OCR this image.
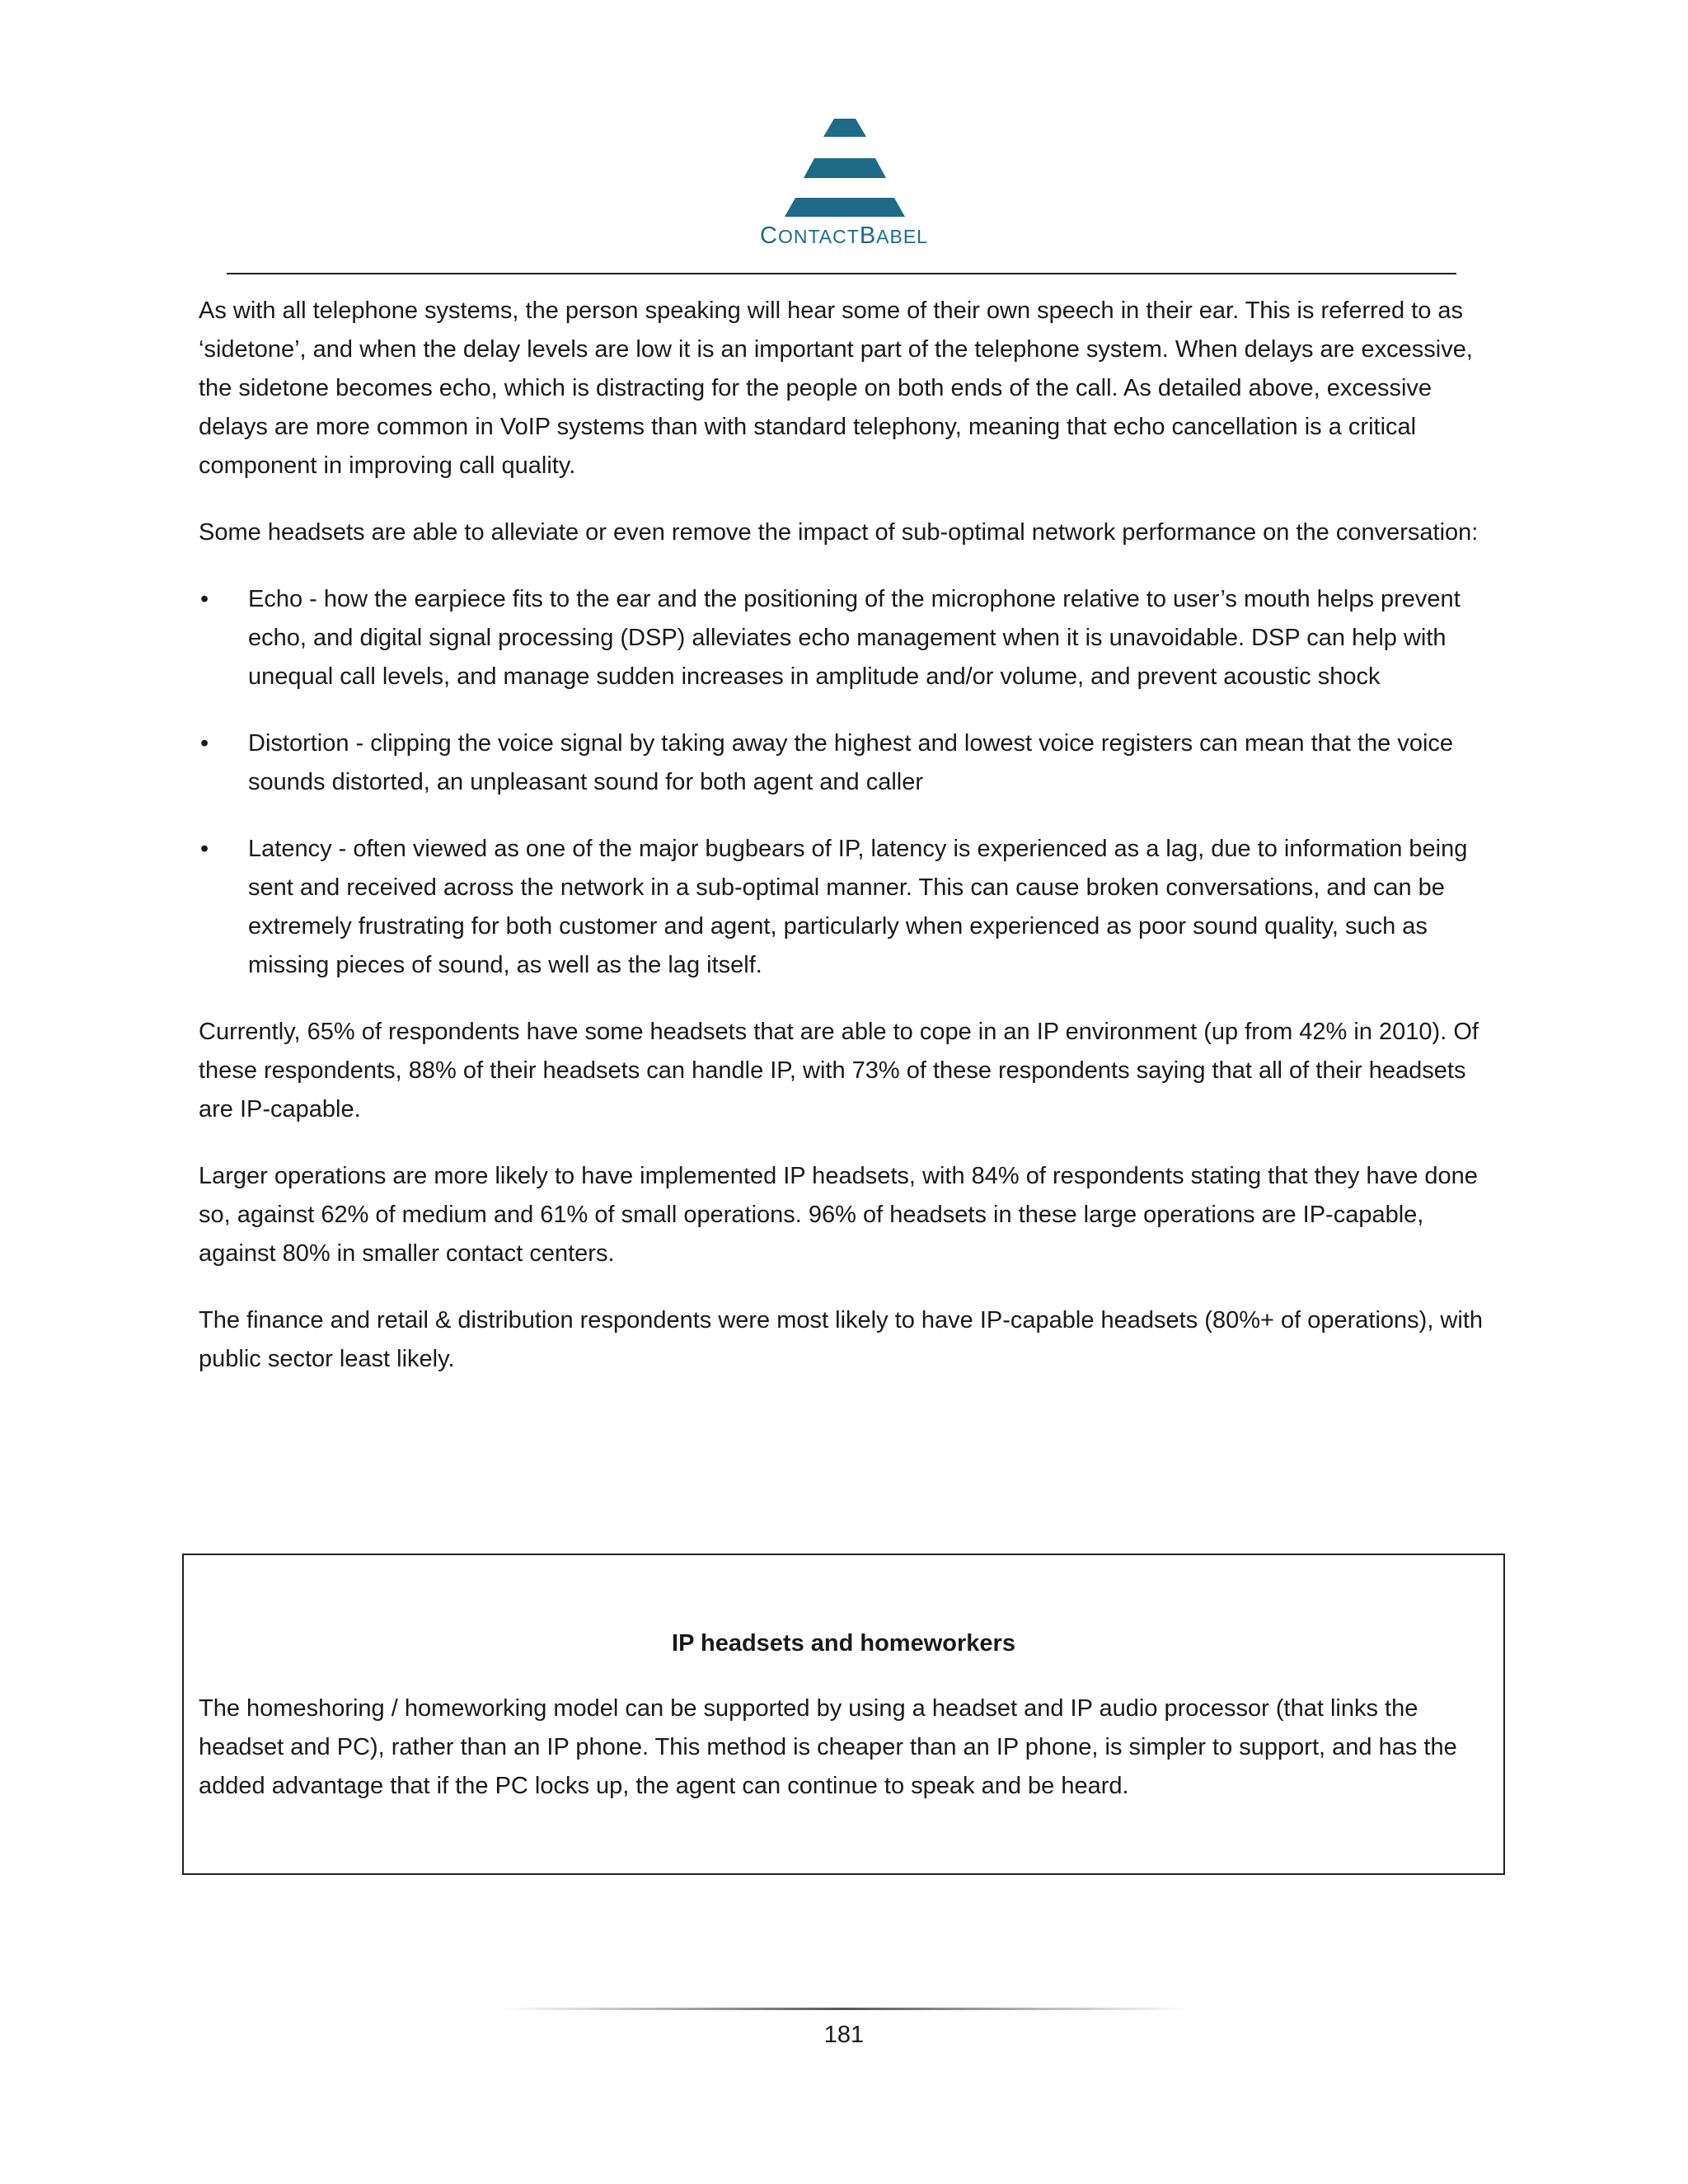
CONTACTBABEL

As with all telephone systems, the person speaking will hear some of their own speech in their ear. This is referred to as ‘sidetone’, and when the delay levels are low it is an important part of the telephone system. When delays are excessive, the sidetone becomes echo, which is distracting for the people on both ends of the call. As detailed above, excessive delays are more common in VoIP systems than with standard telephony, meaning that echo cancellation is a critical component in improving call quality.

Some headsets are able to alleviate or even remove the impact of sub-optimal network performance on the conversation:

• Echo - how the earpiece fits to the ear and the positioning of the microphone relative to user’s mouth helps prevent echo, and digital signal processing (DSP) alleviates echo management when it is unavoidable. DSP can help with unequal call levels, and manage sudden increases in amplitude and/or volume, and prevent acoustic shock
• Distortion - clipping the voice signal by taking away the highest and lowest voice registers can mean that the voice sounds distorted, an unpleasant sound for both agent and caller
• Latency - often viewed as one of the major bugbears of IP, latency is experienced as a lag, due to information being sent and received across the network in a sub-optimal manner. This can cause broken conversations, and can be extremely frustrating for both customer and agent, particularly when experienced as poor sound quality, such as missing pieces of sound, as well as the lag itself.

Currently, 65% of respondents have some headsets that are able to cope in an IP environment (up from 42% in 2010). Of these respondents, 88% of their headsets can handle IP, with 73% of these respondents saying that all of their headsets are IP-capable.

Larger operations are more likely to have implemented IP headsets, with 84% of respondents stating that they have done so, against 62% of medium and 61% of small operations. 96% of headsets in these large operations are IP-capable, against 80% in smaller contact centers.

The finance and retail & distribution respondents were most likely to have IP-capable headsets (80%+ of operations), with public sector least likely.

IP headsets and homeworkers
The homeshoring / homeworking model can be supported by using a headset and IP audio processor (that links the headset and PC), rather than an IP phone. This method is cheaper than an IP phone, is simpler to support, and has the added advantage that if the PC locks up, the agent can continue to speak and be heard.
181
